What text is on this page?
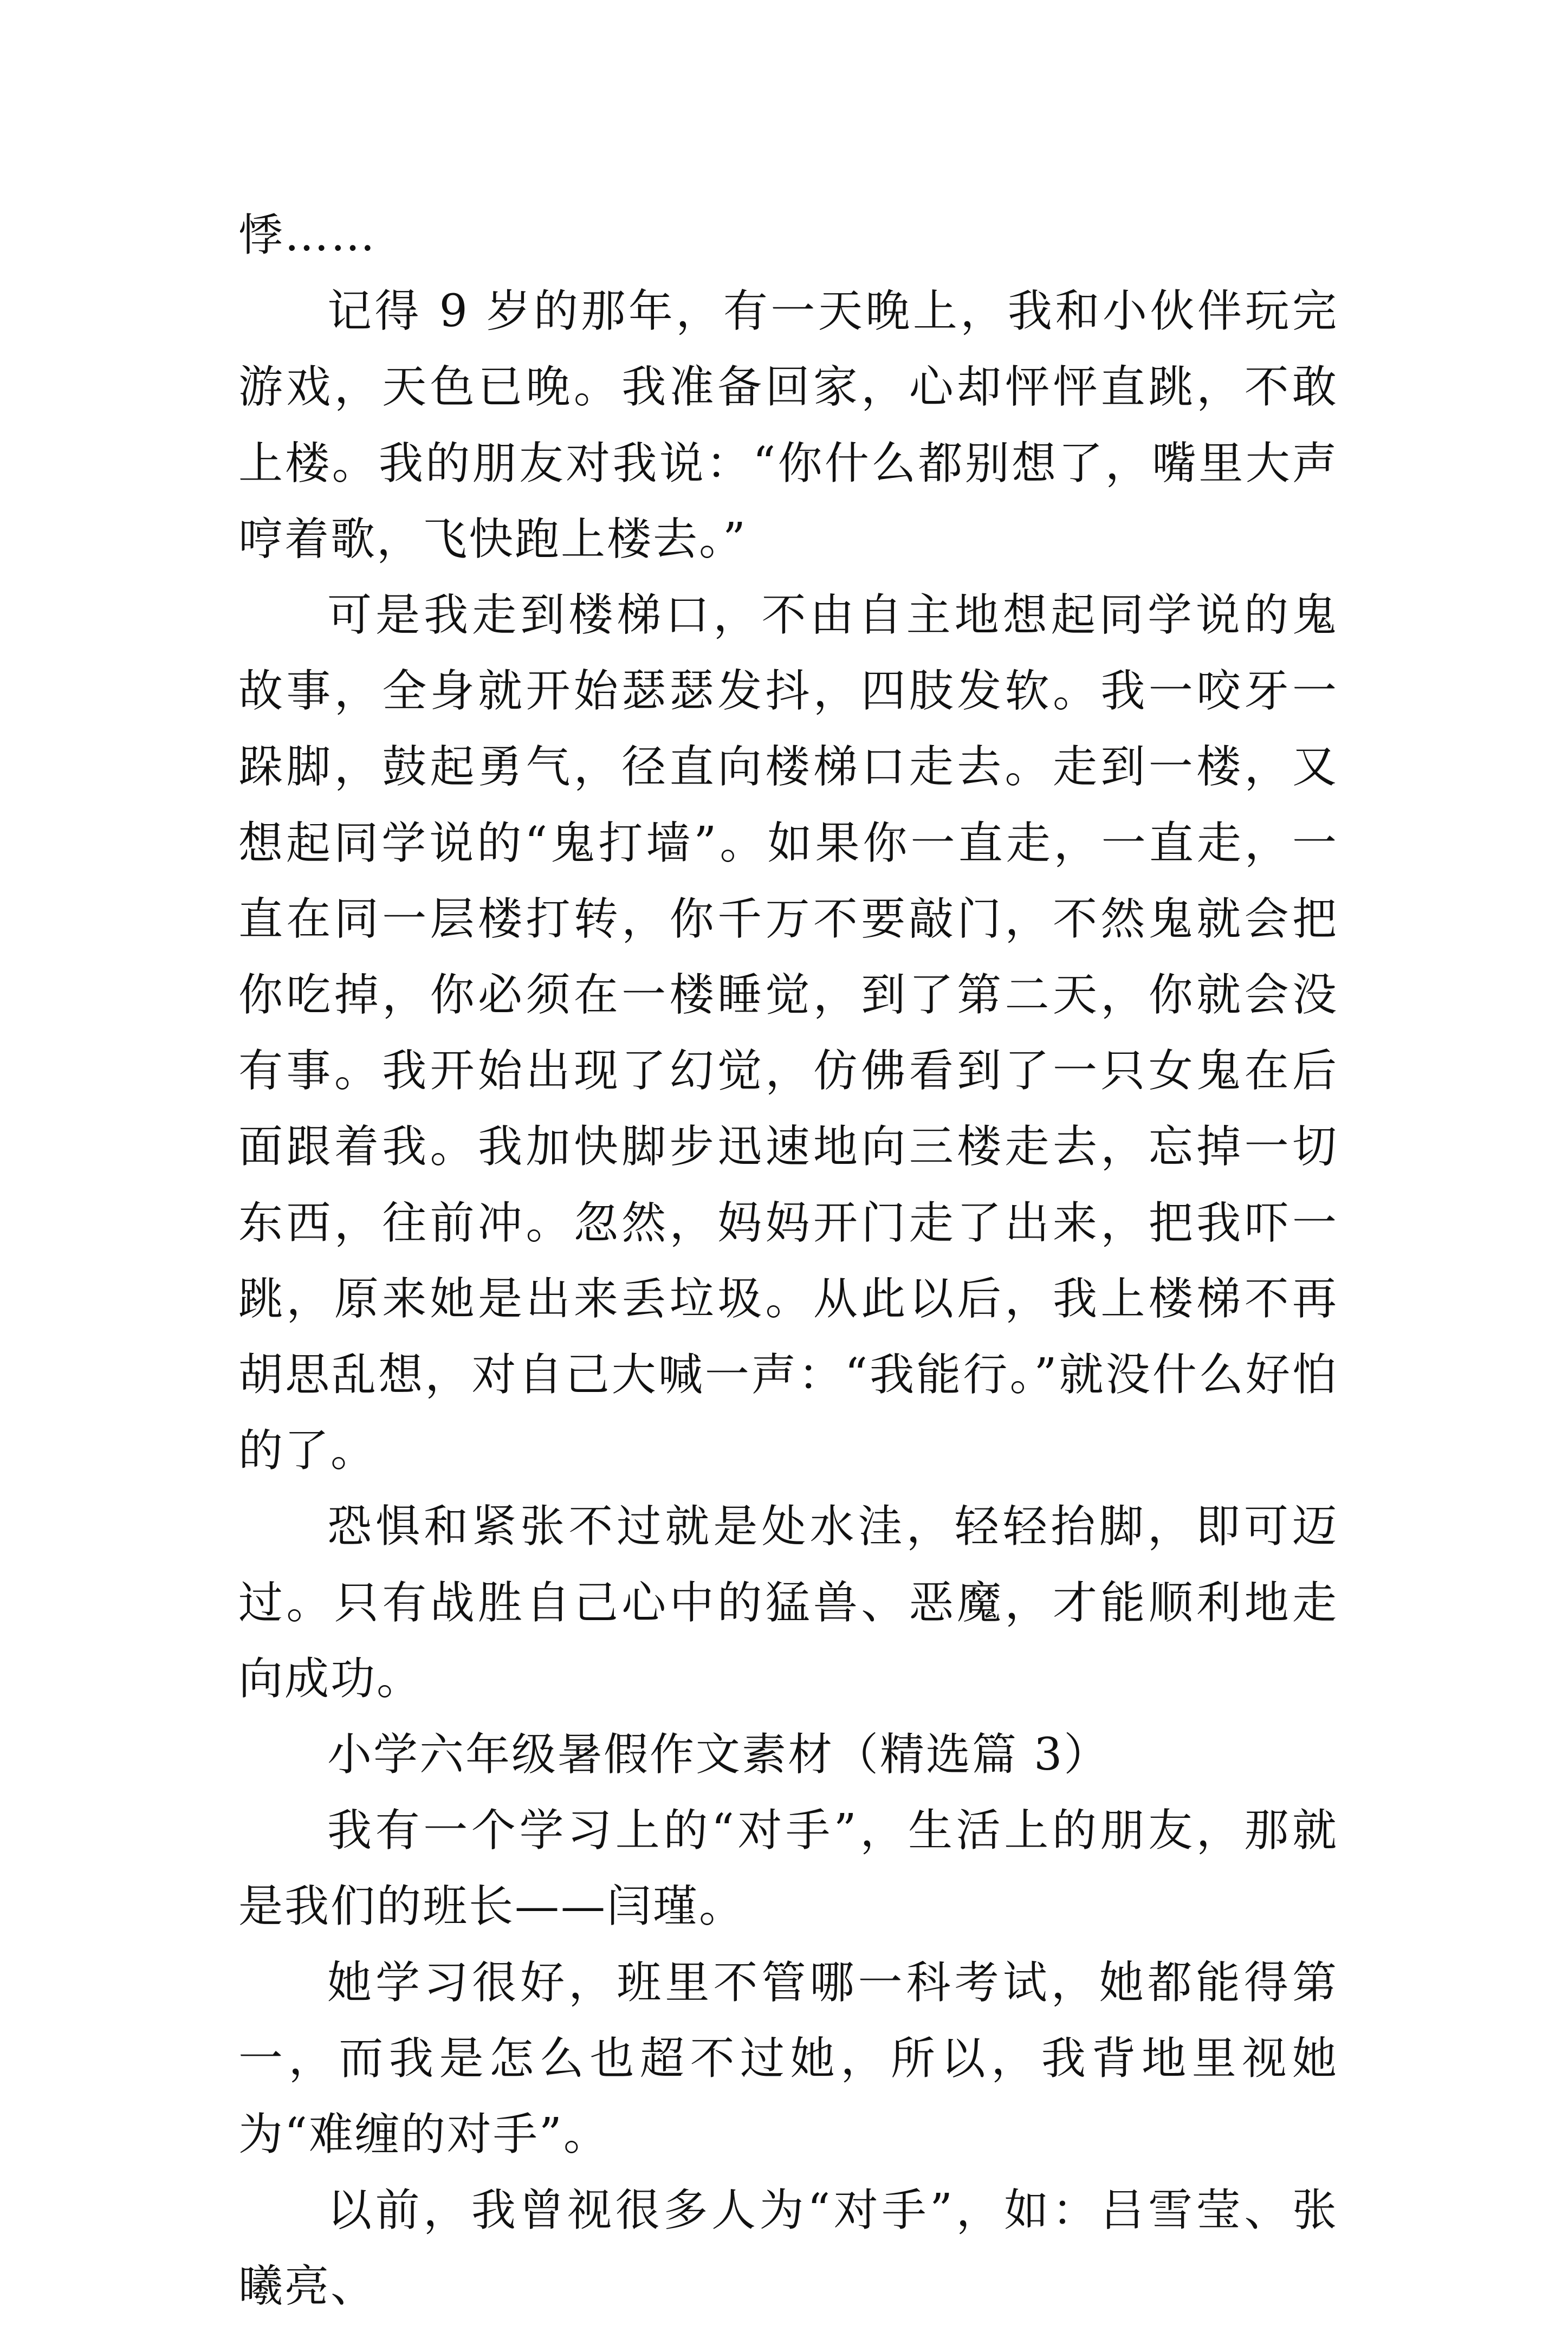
悸……

记得 9 岁的那年，有一天晚上，我和小伙伴玩完游戏，天色已晚。我准备回家，心却怦怦直跳，不敢上楼。我的朋友对我说：“你什么都别想了，嘴里大声哼着歌，飞快跑上楼去。”

可是我走到楼梯口，不由自主地想起同学说的鬼故事，全身就开始瑟瑟发抖，四肢发软。我一咬牙一跺脚，鼓起勇气，径直向楼梯口走去。走到一楼，又想起同学说的“鬼打墙”。如果你一直走，一直走，一直在同一层楼打转，你千万不要敲门，不然鬼就会把你吃掉，你必须在一楼睡觉，到了第二天，你就会没有事。我开始出现了幻觉，仿佛看到了一只女鬼在后面跟着我。我加快脚步迅速地向三楼走去，忘掉一切东西，往前冲。忽然，妈妈开门走了出来，把我吓一跳，原来她是出来丢垃圾。从此以后，我上楼梯不再胡思乱想，对自己大喊一声：“我能行。”就没什么好怕的了。

恐惧和紧张不过就是处水洼，轻轻抬脚，即可迈过。只有战胜自己心中的猛兽、恶魔，才能顺利地走向成功。

小学六年级暑假作文素材（精选篇 3）

我有一个学习上的“对手”，生活上的朋友，那就是我们的班长——闫瑾。

她学习很好，班里不管哪一科考试，她都能得第一，而我是怎么也超不过她，所以，我背地里视她为“难缠的对手”。

以前，我曾视很多人为“对手”，如：吕雪莹、张曦亮、
